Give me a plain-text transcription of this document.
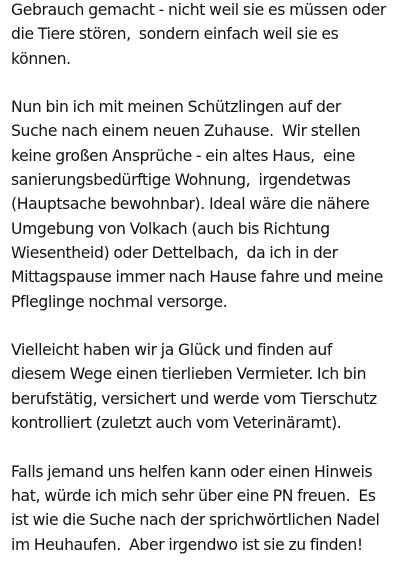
Gebrauch gemacht - nicht weil sie es müssen oder
die Tiere stören,  sondern einfach weil sie es
können.

Nun bin ich mit meinen Schützlingen auf der
Suche nach einem neuen Zuhause.  Wir stellen
keine großen Ansprüche - ein altes Haus,  eine
sanierungsbedürftige Wohnung,  irgendetwas
(Hauptsache bewohnbar). Ideal wäre die nähere
Umgebung von Volkach (auch bis Richtung
Wiesentheid) oder Dettelbach,  da ich in der
Mittagspause immer nach Hause fahre und meine
Pfleglinge nochmal versorge.

Vielleicht haben wir ja Glück und finden auf
diesem Wege einen tierlieben Vermieter. Ich bin
berufstätig, versichert und werde vom Tierschutz
kontrolliert (zuletzt auch vom Veterinäramt).

Falls jemand uns helfen kann oder einen Hinweis
hat, würde ich mich sehr über eine PN freuen.  Es
ist wie die Suche nach der sprichwörtlichen Nadel
im Heuhaufen.  Aber irgendwo ist sie zu finden!
